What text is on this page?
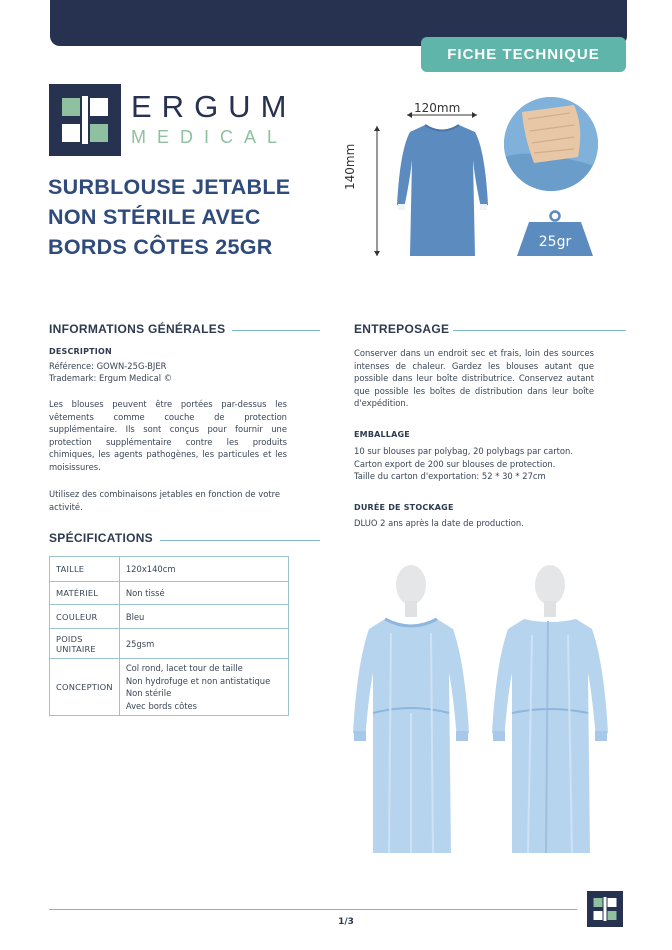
FICHE TECHNIQUE
ERGUM
MEDICAL
SURBLOUSE JETABLE
NON STÉRILE AVEC
BORDS CÔTES 25GR
120mm
140mm
25gr
INFORMATIONS GÉNÉRALES
DESCRIPTION
Référence: GOWN-25G-BJER
Trademark: Ergum Medical ©
Les blouses peuvent être portées par-dessus les vêtements comme couche de protection supplémentaire. Ils sont conçus pour fournir une protection supplémentaire contre les produits chimiques, les agents pathogènes, les particules et les moisissures.
Utilisez des combinaisons jetables en fonction de votre activité.
SPÉCIFICATIONS
TAILLE	120x140cm
MATÉRIEL	Non tissé
COULEUR	Bleu
POIDS UNITAIRE	25gsm
CONCEPTION	Col rond, lacet tour de taille
Non hydrofuge et non antistatique
Non stérile
Avec bords côtes
ENTREPOSAGE
Conserver dans un endroit sec et frais, loin des sources intenses de chaleur. Gardez les blouses autant que possible dans leur boîte distributrice. Conservez autant que possible les boîtes de distribution dans leur boîte d'expédition.
EMBALLAGE
10 sur blouses par polybag, 20 polybags par carton.
Carton export de 200 sur blouses de protection.
Taille du carton d'exportation: 52 * 30 * 27cm
DURÉE DE STOCKAGE
DLUO 2 ans après la date de production.
1/3
